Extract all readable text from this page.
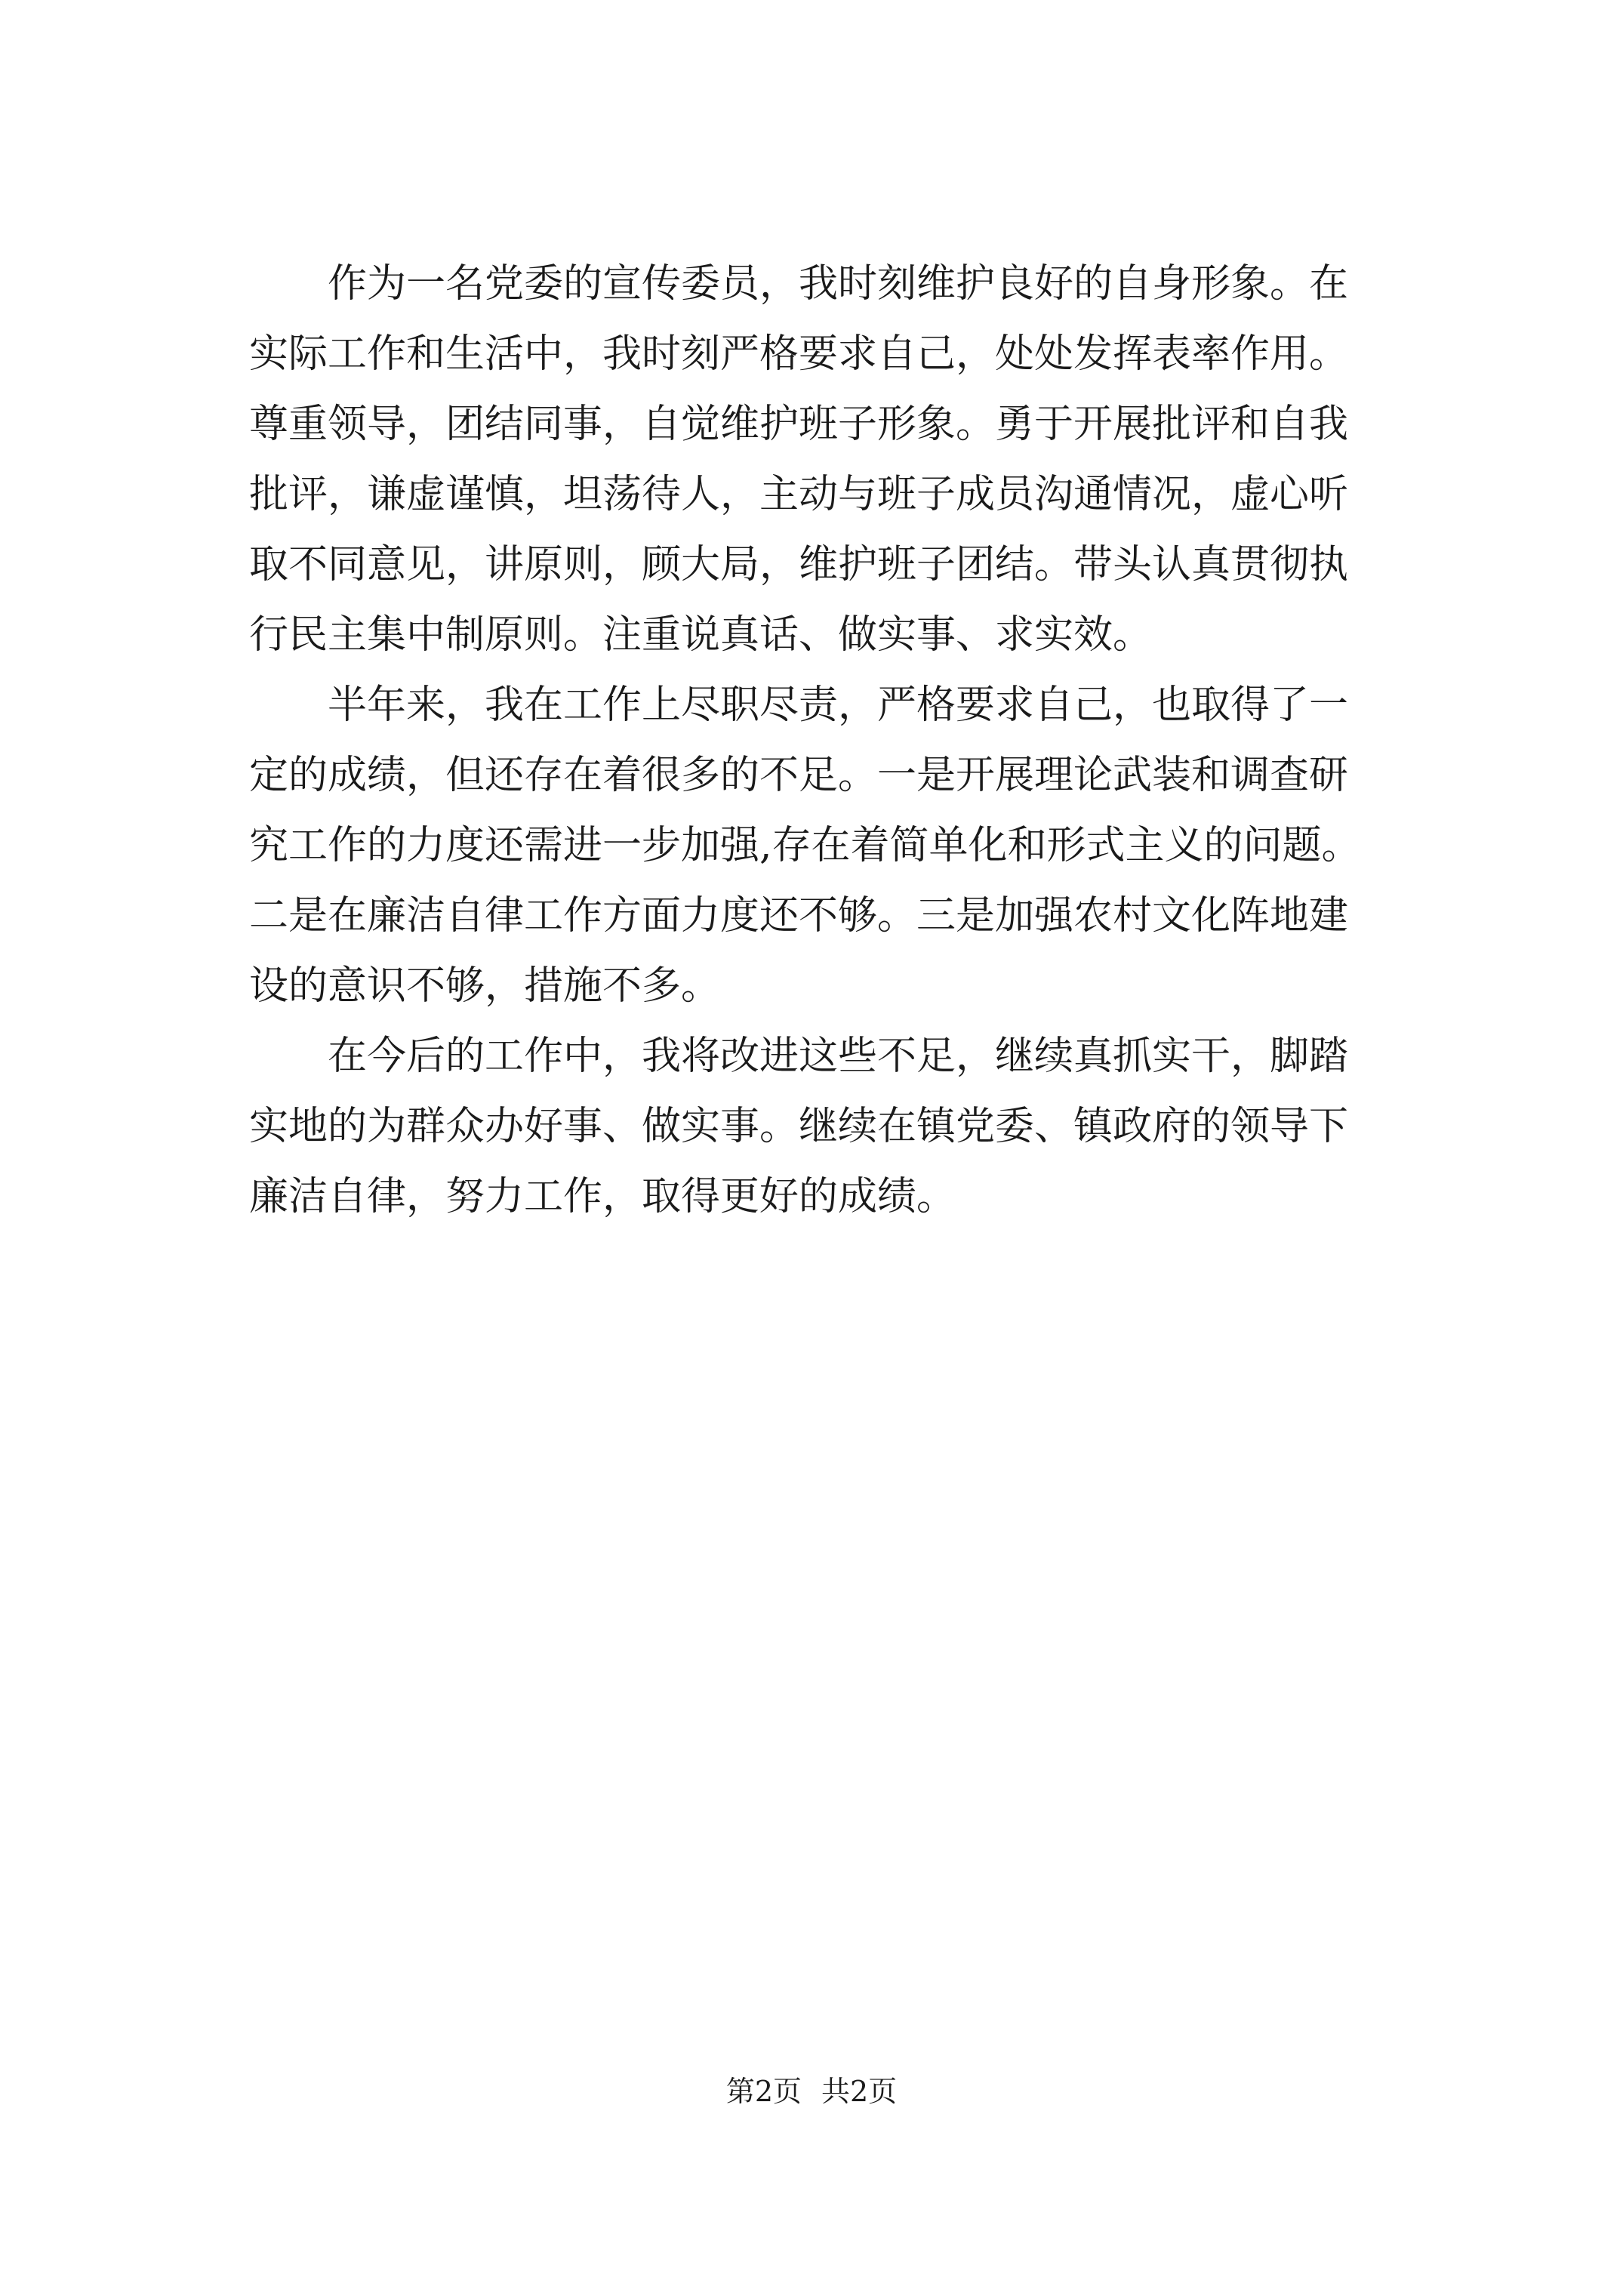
　　作为一名党委的宣传委员，我时刻维护良好的自身形象。在
实际工作和生活中，我时刻严格要求自己，处处发挥表率作用。
尊重领导，团结同事，自觉维护班子形象。勇于开展批评和自我
批评，谦虚谨慎，坦荡待人，主动与班子成员沟通情况，虚心听
取不同意见，讲原则，顾大局，维护班子团结。带头认真贯彻执
行民主集中制原则。注重说真话、做实事、求实效。

　　半年来，我在工作上尽职尽责，严格要求自己，也取得了一
定的成绩，但还存在着很多的不足。一是开展理论武装和调查研
究工作的力度还需进一步加强,存在着简单化和形式主义的问题。
二是在廉洁自律工作方面力度还不够。三是加强农村文化阵地建
设的意识不够，措施不多。

　　在今后的工作中，我将改进这些不足，继续真抓实干，脚踏
实地的为群众办好事、做实事。继续在镇党委、镇政府的领导下
廉洁自律，努力工作，取得更好的成绩。

第2页 共2页
